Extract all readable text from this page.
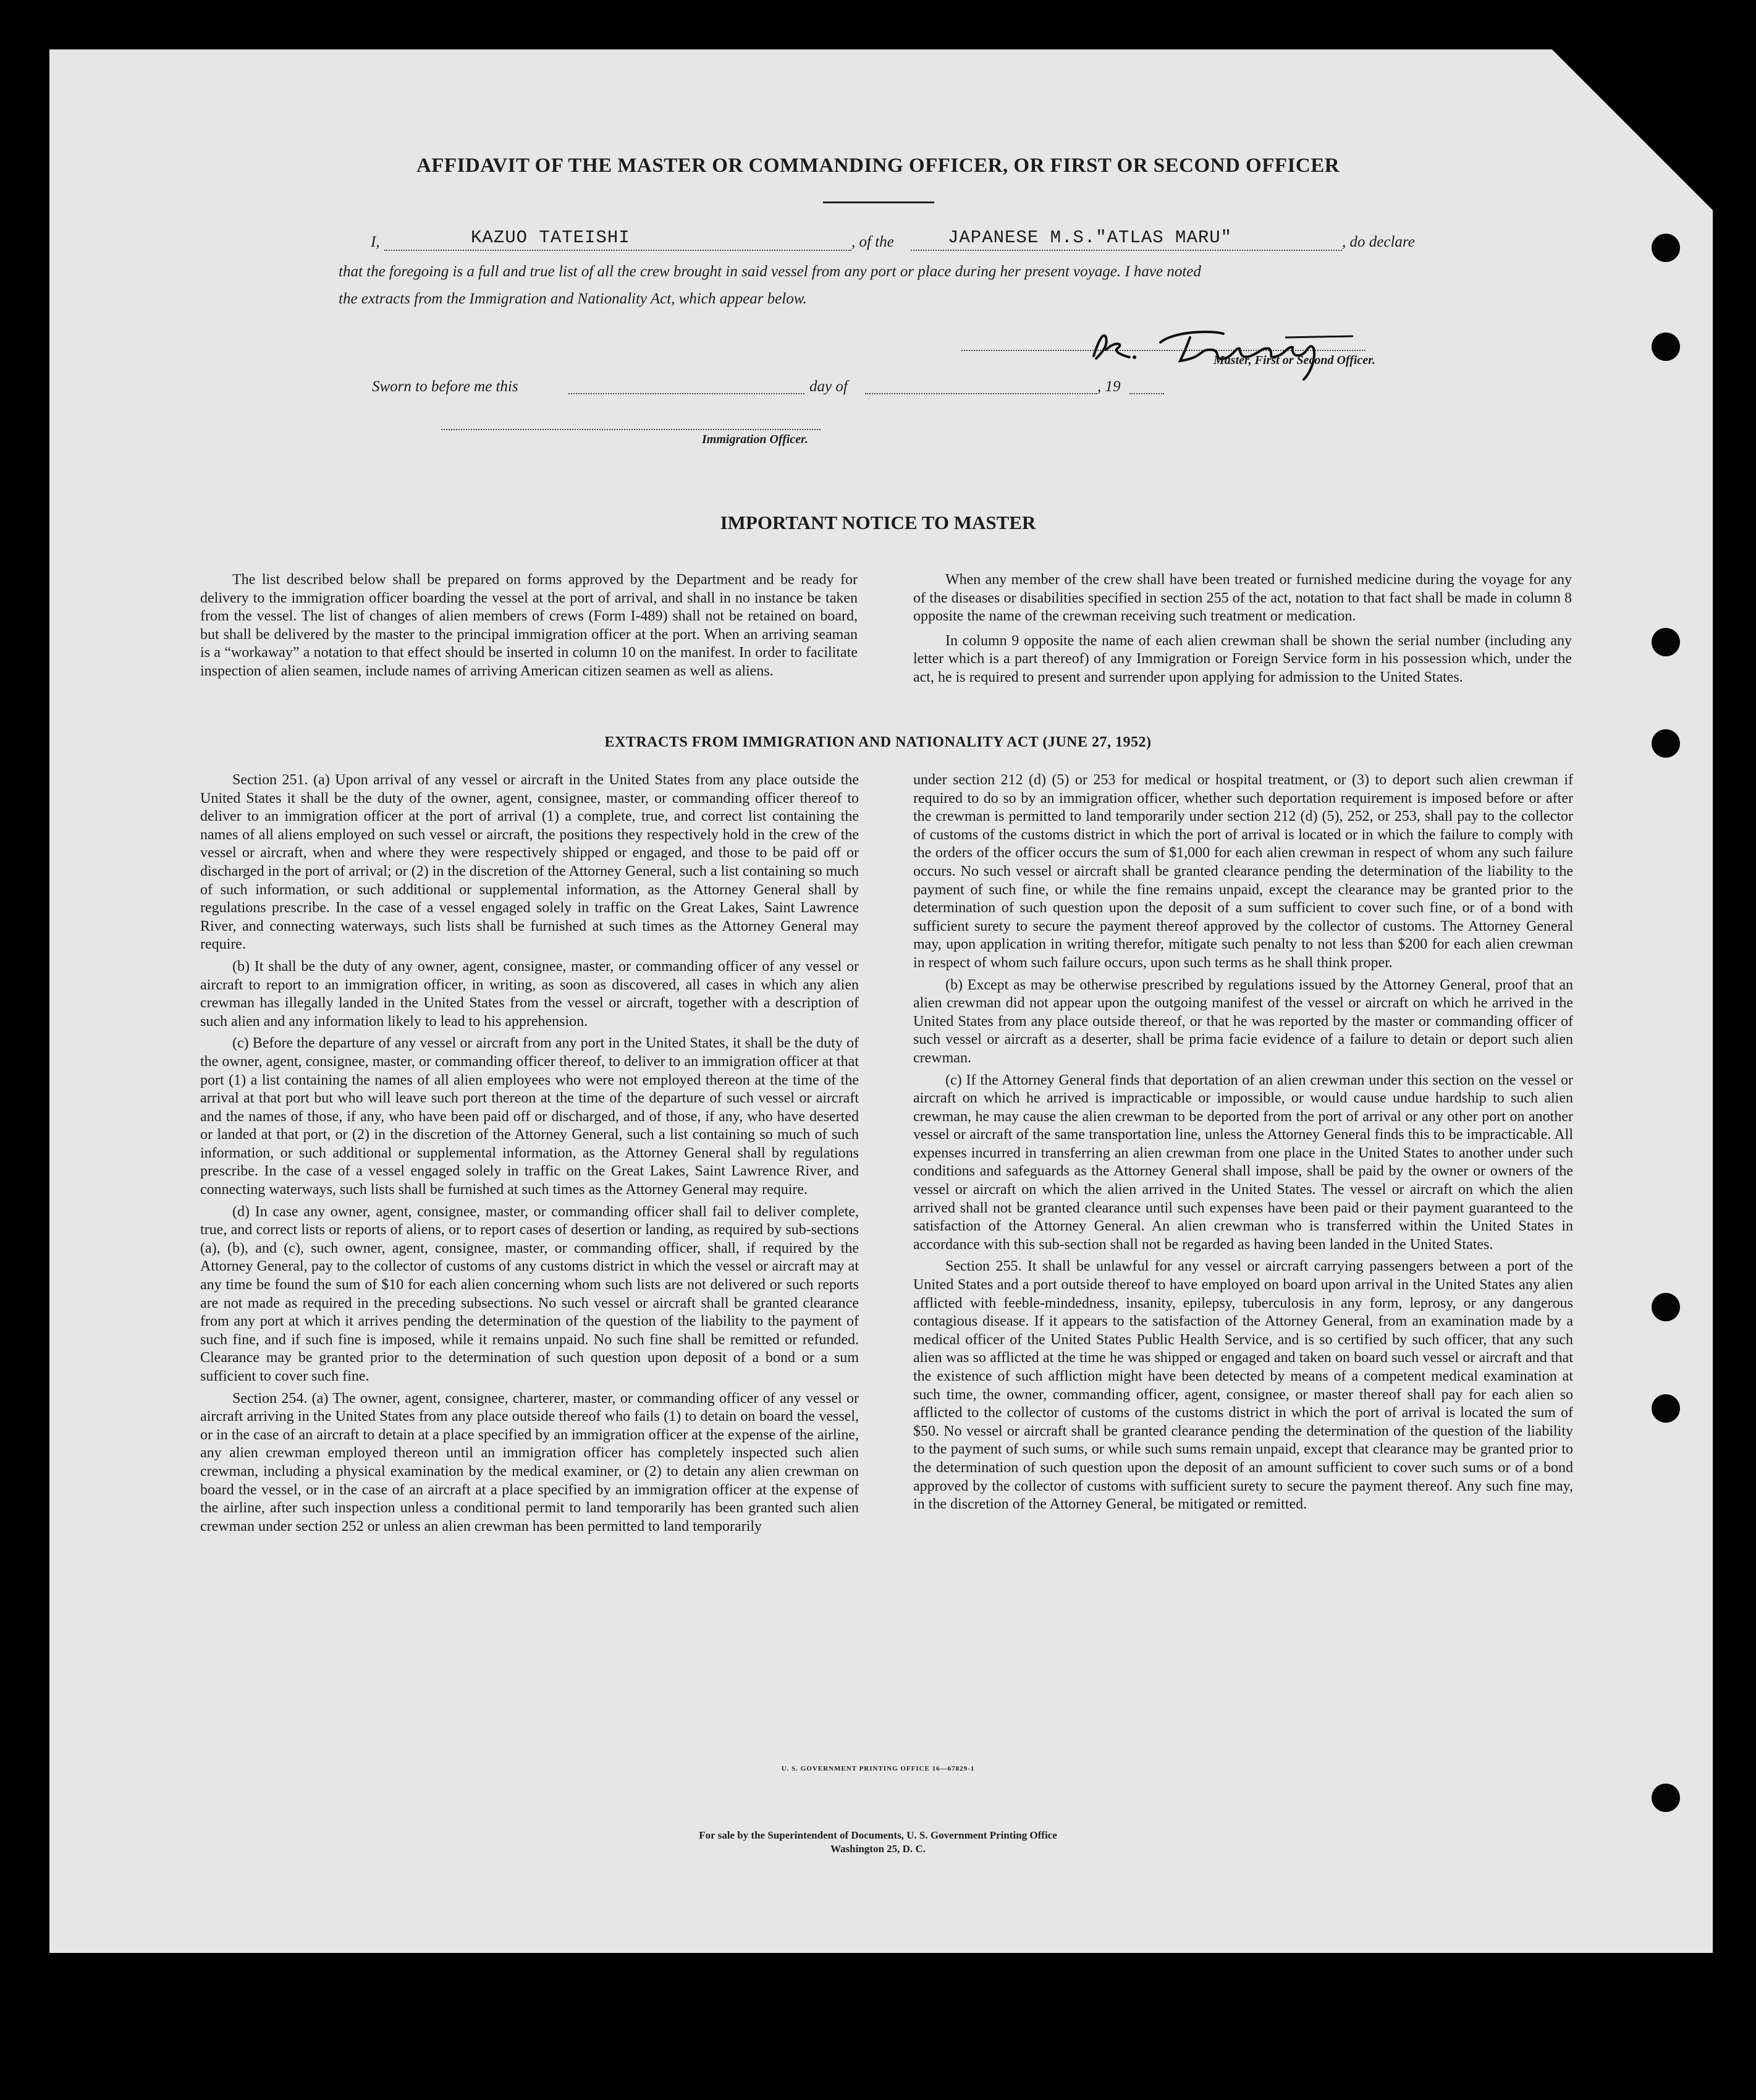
AFFIDAVIT OF THE MASTER OR COMMANDING OFFICER, OR FIRST OR SECOND OFFICER
I,	KAZUO TATEISHI	, of the	JAPANESE M.S."ATLAS MARU"	, do declare
that the foregoing is a full and true list of all the crew brought in said vessel from any port or place during her present voyage. I have noted
the extracts from the Immigration and Nationality Act, which appear below.
Master, First or Second Officer.
Sworn to before me this	day of	, 19
Immigration Officer.
IMPORTANT NOTICE TO MASTER

The list described below shall be prepared on forms approved by the Department and be ready for delivery to the immigration officer boarding the vessel at the port of arrival, and shall in no instance be taken from the vessel. The list of changes of alien members of crews (Form I-489) shall not be retained on board, but shall be delivered by the master to the principal immigration officer at the port. When an arriving seaman is a “workaway” a notation to that effect should be inserted in column 10 on the manifest. In order to facilitate inspection of alien seamen, include names of arriving American citizen seamen as well as aliens.

When any member of the crew shall have been treated or furnished medicine during the voyage for any of the diseases or disabilities specified in section 255 of the act, notation to that fact shall be made in column 8 opposite the name of the crewman receiving such treatment or medication.

In column 9 opposite the name of each alien crewman shall be shown the serial number (including any letter which is a part thereof) of any Immigration or Foreign Service form in his possession which, under the act, he is required to present and surrender upon applying for admission to the United States.

EXTRACTS FROM IMMIGRATION AND NATIONALITY ACT (JUNE 27, 1952)

Section 251. (a) Upon arrival of any vessel or aircraft in the United States from any place outside the United States it shall be the duty of the owner, agent, consignee, master, or commanding officer thereof to deliver to an immigration officer at the port of arrival (1) a complete, true, and correct list containing the names of all aliens employed on such vessel or aircraft, the positions they respectively hold in the crew of the vessel or aircraft, when and where they were respectively shipped or engaged, and those to be paid off or discharged in the port of arrival; or (2) in the discretion of the Attorney General, such a list containing so much of such information, or such additional or supplemental information, as the Attorney General shall by regulations prescribe. In the case of a vessel engaged solely in traffic on the Great Lakes, Saint Lawrence River, and connecting waterways, such lists shall be furnished at such times as the Attorney General may require.

(b) It shall be the duty of any owner, agent, consignee, master, or commanding officer of any vessel or aircraft to report to an immigration officer, in writing, as soon as discovered, all cases in which any alien crewman has illegally landed in the United States from the vessel or aircraft, together with a description of such alien and any information likely to lead to his apprehension.

(c) Before the departure of any vessel or aircraft from any port in the United States, it shall be the duty of the owner, agent, consignee, master, or commanding officer thereof, to deliver to an immigration officer at that port (1) a list containing the names of all alien employees who were not employed thereon at the time of the arrival at that port but who will leave such port thereon at the time of the departure of such vessel or aircraft and the names of those, if any, who have been paid off or discharged, and of those, if any, who have deserted or landed at that port, or (2) in the discretion of the Attorney General, such a list containing so much of such information, or such additional or supplemental information, as the Attorney General shall by regulations prescribe. In the case of a vessel engaged solely in traffic on the Great Lakes, Saint Lawrence River, and connecting waterways, such lists shall be furnished at such times as the Attorney General may require.

(d) In case any owner, agent, consignee, master, or commanding officer shall fail to deliver complete, true, and correct lists or reports of aliens, or to report cases of desertion or landing, as required by sub-sections (a), (b), and (c), such owner, agent, consignee, master, or commanding officer, shall, if required by the Attorney General, pay to the collector of customs of any customs district in which the vessel or aircraft may at any time be found the sum of $10 for each alien concerning whom such lists are not delivered or such reports are not made as required in the preceding subsections. No such vessel or aircraft shall be granted clearance from any port at which it arrives pending the determination of the question of the liability to the payment of such fine, and if such fine is imposed, while it remains unpaid. No such fine shall be remitted or refunded. Clearance may be granted prior to the determination of such question upon deposit of a bond or a sum sufficient to cover such fine.

Section 254. (a) The owner, agent, consignee, charterer, master, or commanding officer of any vessel or aircraft arriving in the United States from any place outside thereof who fails (1) to detain on board the vessel, or in the case of an aircraft to detain at a place specified by an immigration officer at the expense of the airline, any alien crewman employed thereon until an immigration officer has completely inspected such alien crewman, including a physical examination by the medical examiner, or (2) to detain any alien crewman on board the vessel, or in the case of an aircraft at a place specified by an immigration officer at the expense of the airline, after such inspection unless a conditional permit to land temporarily has been granted such alien crewman under section 252 or unless an alien crewman has been permitted to land temporarily

under section 212 (d) (5) or 253 for medical or hospital treatment, or (3) to deport such alien crewman if required to do so by an immigration officer, whether such deportation requirement is imposed before or after the crewman is permitted to land temporarily under section 212 (d) (5), 252, or 253, shall pay to the collector of customs of the customs district in which the port of arrival is located or in which the failure to comply with the orders of the officer occurs the sum of $1,000 for each alien crewman in respect of whom any such failure occurs. No such vessel or aircraft shall be granted clearance pending the determination of the liability to the payment of such fine, or while the fine remains unpaid, except the clearance may be granted prior to the determination of such question upon the deposit of a sum sufficient to cover such fine, or of a bond with sufficient surety to secure the payment thereof approved by the collector of customs. The Attorney General may, upon application in writing therefor, mitigate such penalty to not less than $200 for each alien crewman in respect of whom such failure occurs, upon such terms as he shall think proper.

(b) Except as may be otherwise prescribed by regulations issued by the Attorney General, proof that an alien crewman did not appear upon the outgoing manifest of the vessel or aircraft on which he arrived in the United States from any place outside thereof, or that he was reported by the master or commanding officer of such vessel or aircraft as a deserter, shall be prima facie evidence of a failure to detain or deport such alien crewman.

(c) If the Attorney General finds that deportation of an alien crewman under this section on the vessel or aircraft on which he arrived is impracticable or impossible, or would cause undue hardship to such alien crewman, he may cause the alien crewman to be deported from the port of arrival or any other port on another vessel or aircraft of the same transportation line, unless the Attorney General finds this to be impracticable. All expenses incurred in transferring an alien crewman from one place in the United States to another under such conditions and safeguards as the Attorney General shall impose, shall be paid by the owner or owners of the vessel or aircraft on which the alien arrived in the United States. The vessel or aircraft on which the alien arrived shall not be granted clearance until such expenses have been paid or their payment guaranteed to the satisfaction of the Attorney General. An alien crewman who is transferred within the United States in accordance with this sub-section shall not be regarded as having been landed in the United States.

Section 255. It shall be unlawful for any vessel or aircraft carrying passengers between a port of the United States and a port outside thereof to have employed on board upon arrival in the United States any alien afflicted with feeble-mindedness, insanity, epilepsy, tuberculosis in any form, leprosy, or any dangerous contagious disease. If it appears to the satisfaction of the Attorney General, from an examination made by a medical officer of the United States Public Health Service, and is so certified by such officer, that any such alien was so afflicted at the time he was shipped or engaged and taken on board such vessel or aircraft and that the existence of such affliction might have been detected by means of a competent medical examination at such time, the owner, commanding officer, agent, consignee, or master thereof shall pay for each alien so afflicted to the collector of customs of the customs district in which the port of arrival is located the sum of $50. No vessel or aircraft shall be granted clearance pending the determination of the question of the liability to the payment of such sums, or while such sums remain unpaid, except that clearance may be granted prior to the determination of such question upon the deposit of an amount sufficient to cover such sums or of a bond approved by the collector of customs with sufficient surety to secure the payment thereof. Any such fine may, in the discretion of the Attorney General, be mitigated or remitted.

U. S. GOVERNMENT PRINTING OFFICE 16—67829-1
For sale by the Superintendent of Documents, U. S. Government Printing Office
Washington 25, D. C.
